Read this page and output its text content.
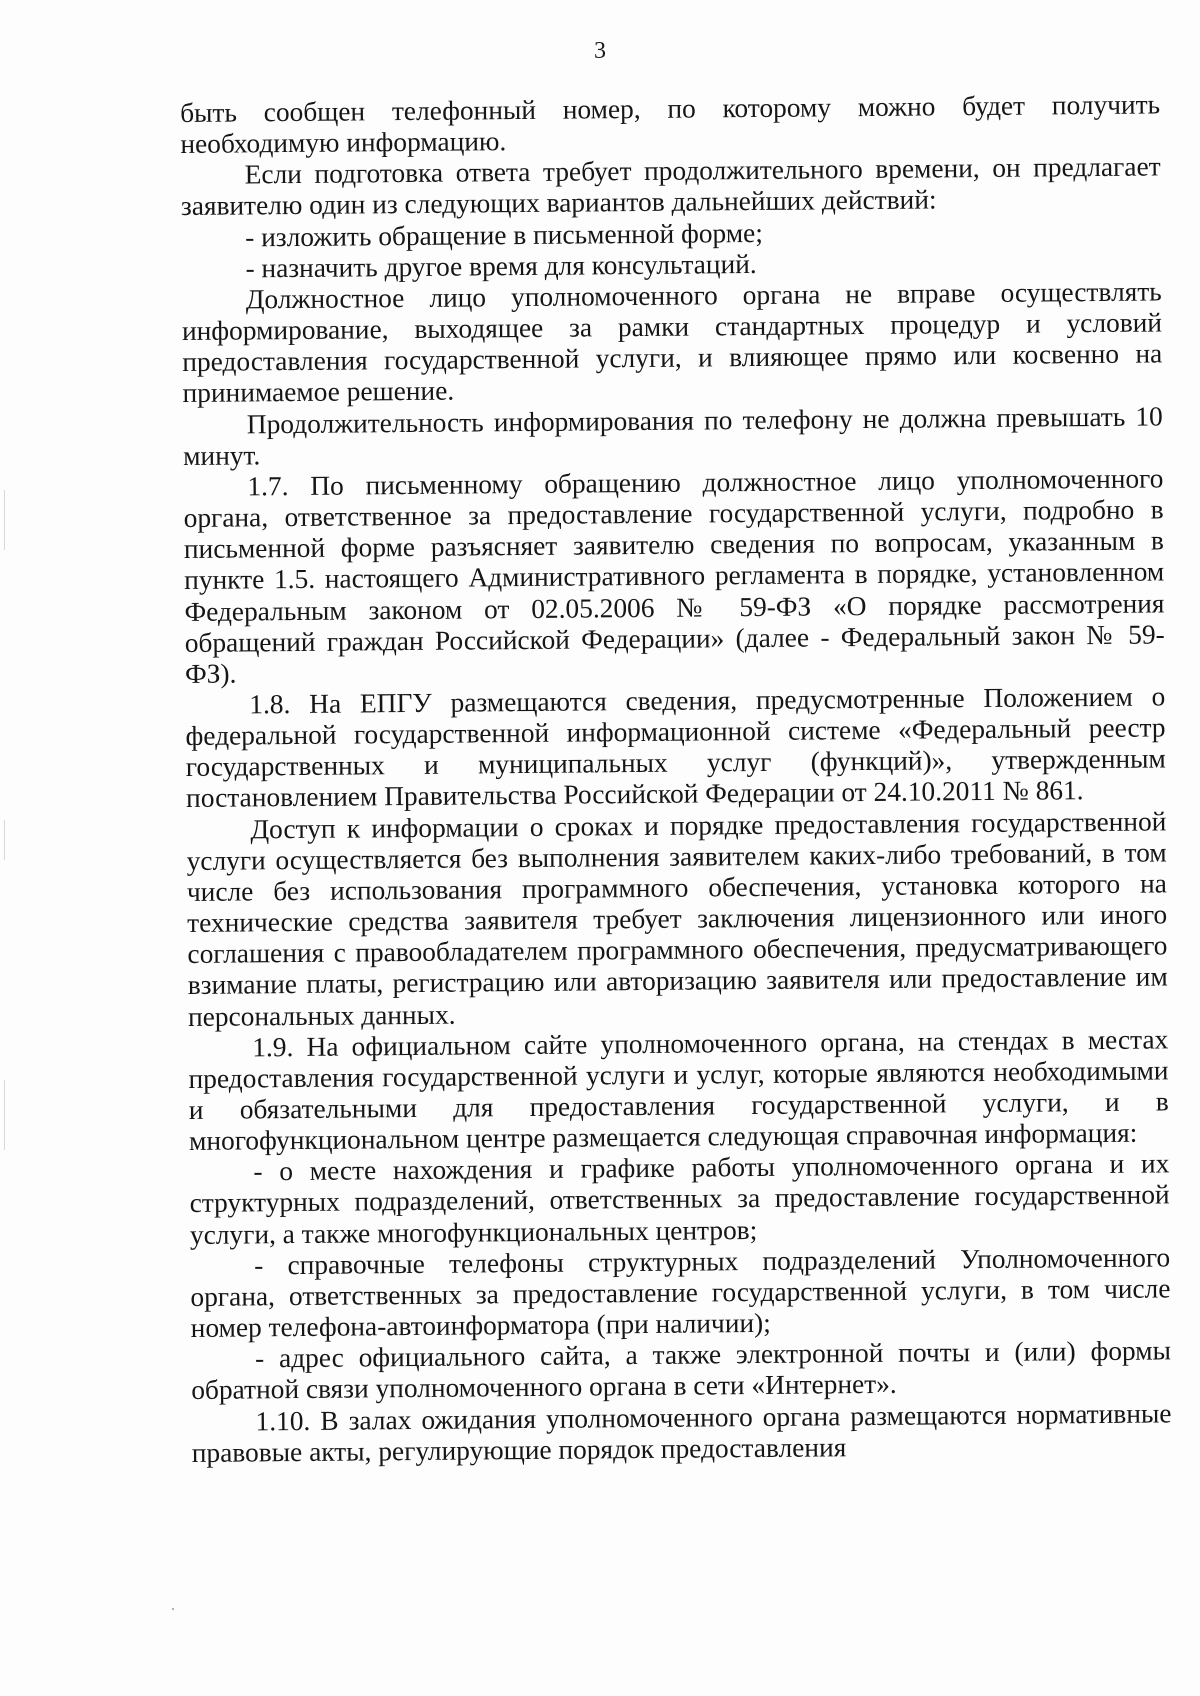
3

быть сообщен телефонный номер, по которому можно будет получить необходимую информацию.

Если подготовка ответа требует продолжительного времени, он предлагает заявителю один из следующих вариантов дальнейших действий:

- изложить обращение в письменной форме;

- назначить другое время для консультаций.

Должностное лицо уполномоченного органа не вправе осуществлять информирование, выходящее за рамки стандартных процедур и условий предоставления государственной услуги, и влияющее прямо или косвенно на принимаемое решение.

Продолжительность информирования по телефону не должна превышать 10 минут.

1.7. По письменному обращению должностное лицо уполномоченного органа, ответственное за предоставление государственной услуги, подробно в письменной форме разъясняет заявителю сведения по вопросам, указанным в пункте 1.5. настоящего Административного регламента в порядке, установленном Федеральным законом от 02.05.2006 № 59-ФЗ «О порядке рассмотрения обращений граждан Российской Федерации» (далее - Федеральный закон № 59-ФЗ).

1.8. На ЕПГУ размещаются сведения, предусмотренные Положением о федеральной государственной информационной системе «Федеральный реестр государственных и муниципальных услуг (функций)», утвержденным постановлением Правительства Российской Федерации от 24.10.2011 № 861.

Доступ к информации о сроках и порядке предоставления государственной услуги осуществляется без выполнения заявителем каких-либо требований, в том числе без использования программного обеспечения, установка которого на технические средства заявителя требует заключения лицензионного или иного соглашения с правообладателем программного обеспечения, предусматривающего взимание платы, регистрацию или авторизацию заявителя или предоставление им персональных данных.

1.9. На официальном сайте уполномоченного органа, на стендах в местах предоставления государственной услуги и услуг, которые являются необходимыми и обязательными для предоставления государственной услуги, и в многофункциональном центре размещается следующая справочная информация:

- о месте нахождения и графике работы уполномоченного органа и их структурных подразделений, ответственных за предоставление государственной услуги, а также многофункциональных центров;

- справочные телефоны структурных подразделений Уполномоченного органа, ответственных за предоставление государственной услуги, в том числе номер телефона-автоинформатора (при наличии);

- адрес официального сайта, а также электронной почты и (или) формы обратной связи уполномоченного органа в сети «Интернет».

1.10. В залах ожидания уполномоченного органа размещаются нормативные правовые акты, регулирующие порядок предоставления
